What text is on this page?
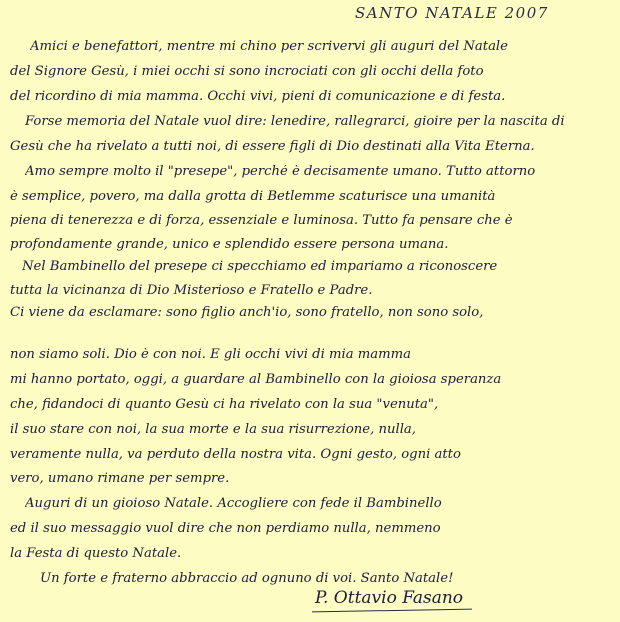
SANTO NATALE 2007
Amici e benefattori, mentre mi chino per scrivervi gli auguri del Natale
del Signore Gesù, i miei occhi si sono incrociati con gli occhi della foto
del ricordino di mia mamma. Occhi vivi, pieni di comunicazione e di festa.
Forse memoria del Natale vuol dire: lenedire, rallegrarci, gioire per la nascita di
Gesù che ha rivelato a tutti noi, di essere figli di Dio destinati alla Vita Eterna.
Amo sempre molto il "presepe", perché è decisamente umano. Tutto attorno
è semplice, povero, ma dalla grotta di Betlemme scaturisce una umanità
piena di tenerezza e di forza, essenziale e luminosa. Tutto fa pensare che è
profondamente grande, unico e splendido essere persona umana.
Nel Bambinello del presepe ci specchiamo ed impariamo a riconoscere
tutta la vicinanza di Dio Misterioso e Fratello e Padre.
Ci viene da esclamare: sono figlio anch'io, sono fratello, non sono solo,
non siamo soli. Dio è con noi. E gli occhi vivi di mia mamma
mi hanno portato, oggi, a guardare al Bambinello con la gioiosa speranza
che, fidandoci di quanto Gesù ci ha rivelato con la sua "venuta",
il suo stare con noi, la sua morte e la sua risurrezione, nulla,
veramente nulla, va perduto della nostra vita. Ogni gesto, ogni atto
vero, umano rimane per sempre.
Auguri di un gioioso Natale. Accogliere con fede il Bambinello
ed il suo messaggio vuol dire che non perdiamo nulla, nemmeno
la Festa di questo Natale.
Un forte e fraterno abbraccio ad ognuno di voi. Santo Natale!
P. Ottavio Fasano
